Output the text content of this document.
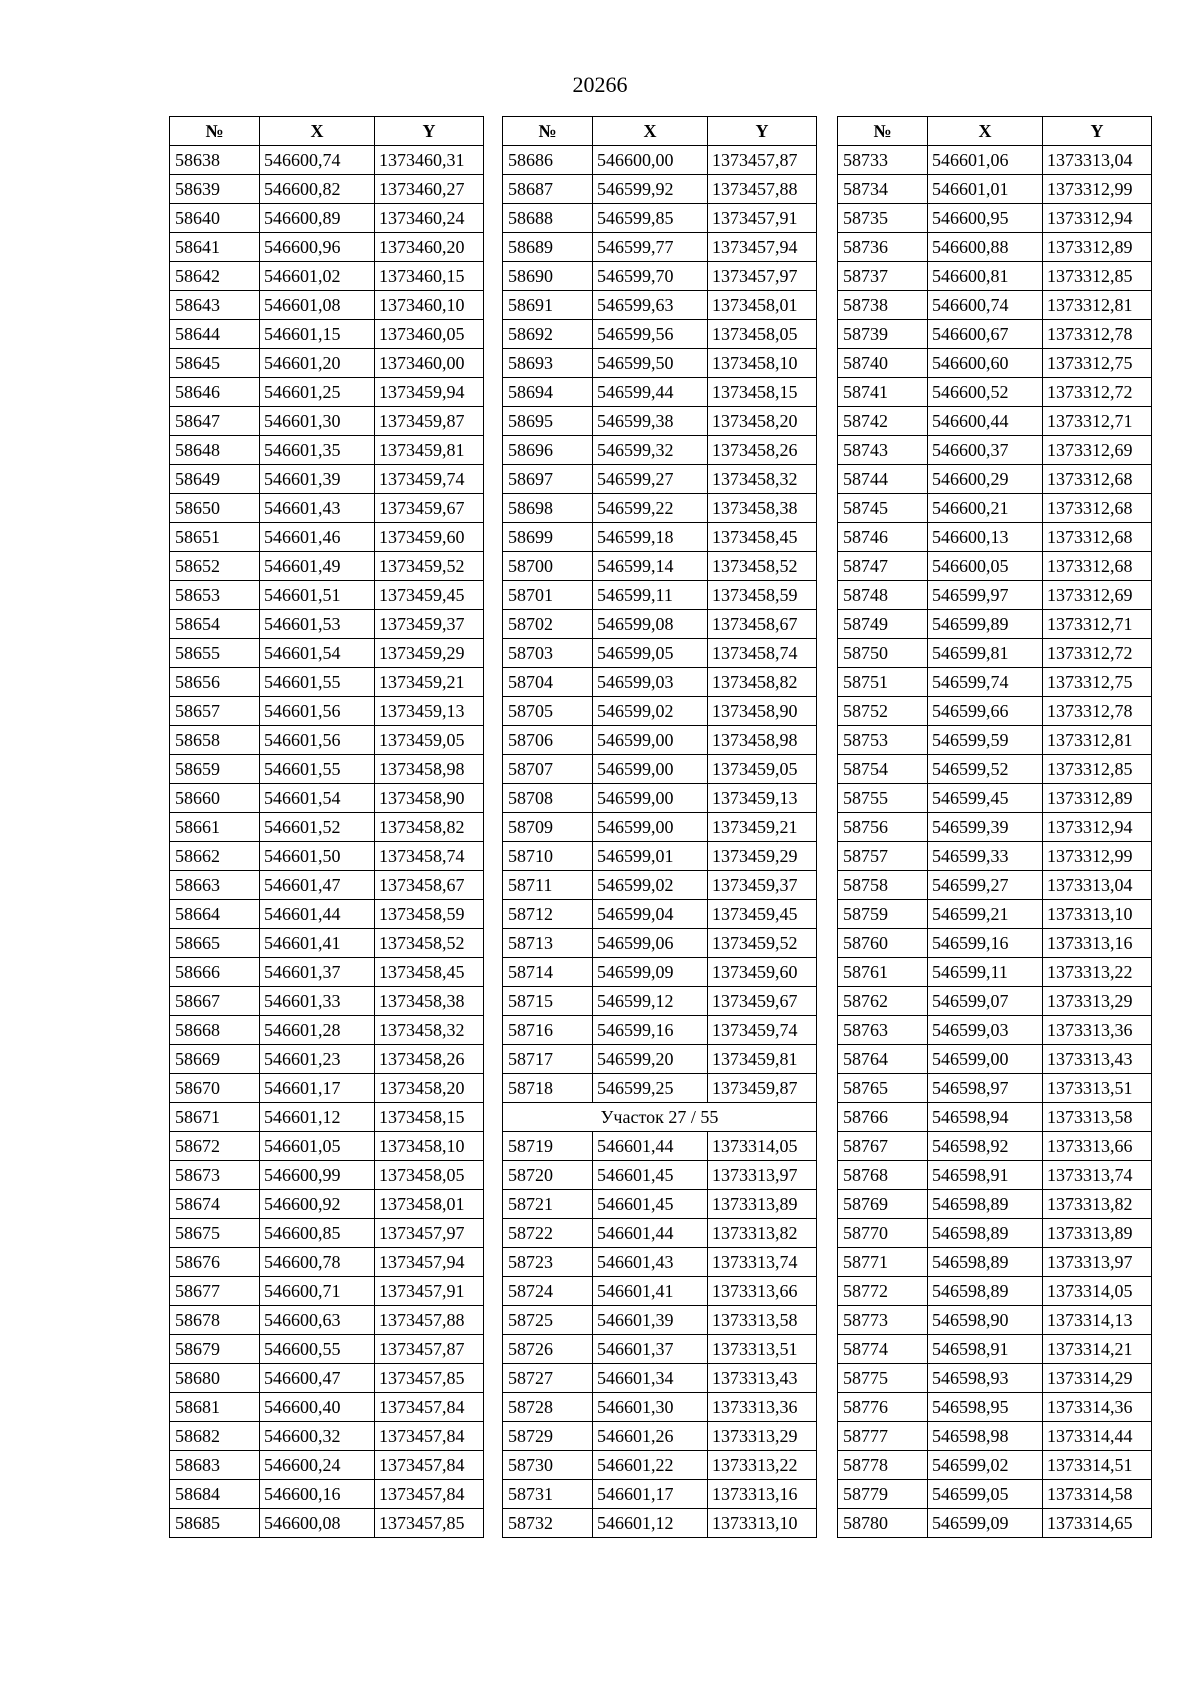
20266
№	X	Y
58638	546600,74	1373460,31
58639	546600,82	1373460,27
58640	546600,89	1373460,24
58641	546600,96	1373460,20
58642	546601,02	1373460,15
58643	546601,08	1373460,10
58644	546601,15	1373460,05
58645	546601,20	1373460,00
58646	546601,25	1373459,94
58647	546601,30	1373459,87
58648	546601,35	1373459,81
58649	546601,39	1373459,74
58650	546601,43	1373459,67
58651	546601,46	1373459,60
58652	546601,49	1373459,52
58653	546601,51	1373459,45
58654	546601,53	1373459,37
58655	546601,54	1373459,29
58656	546601,55	1373459,21
58657	546601,56	1373459,13
58658	546601,56	1373459,05
58659	546601,55	1373458,98
58660	546601,54	1373458,90
58661	546601,52	1373458,82
58662	546601,50	1373458,74
58663	546601,47	1373458,67
58664	546601,44	1373458,59
58665	546601,41	1373458,52
58666	546601,37	1373458,45
58667	546601,33	1373458,38
58668	546601,28	1373458,32
58669	546601,23	1373458,26
58670	546601,17	1373458,20
58671	546601,12	1373458,15
58672	546601,05	1373458,10
58673	546600,99	1373458,05
58674	546600,92	1373458,01
58675	546600,85	1373457,97
58676	546600,78	1373457,94
58677	546600,71	1373457,91
58678	546600,63	1373457,88
58679	546600,55	1373457,87
58680	546600,47	1373457,85
58681	546600,40	1373457,84
58682	546600,32	1373457,84
58683	546600,24	1373457,84
58684	546600,16	1373457,84
58685	546600,08	1373457,85
№	X	Y
58686	546600,00	1373457,87
58687	546599,92	1373457,88
58688	546599,85	1373457,91
58689	546599,77	1373457,94
58690	546599,70	1373457,97
58691	546599,63	1373458,01
58692	546599,56	1373458,05
58693	546599,50	1373458,10
58694	546599,44	1373458,15
58695	546599,38	1373458,20
58696	546599,32	1373458,26
58697	546599,27	1373458,32
58698	546599,22	1373458,38
58699	546599,18	1373458,45
58700	546599,14	1373458,52
58701	546599,11	1373458,59
58702	546599,08	1373458,67
58703	546599,05	1373458,74
58704	546599,03	1373458,82
58705	546599,02	1373458,90
58706	546599,00	1373458,98
58707	546599,00	1373459,05
58708	546599,00	1373459,13
58709	546599,00	1373459,21
58710	546599,01	1373459,29
58711	546599,02	1373459,37
58712	546599,04	1373459,45
58713	546599,06	1373459,52
58714	546599,09	1373459,60
58715	546599,12	1373459,67
58716	546599,16	1373459,74
58717	546599,20	1373459,81
58718	546599,25	1373459,87
Участок 27 / 55		
58719	546601,44	1373314,05
58720	546601,45	1373313,97
58721	546601,45	1373313,89
58722	546601,44	1373313,82
58723	546601,43	1373313,74
58724	546601,41	1373313,66
58725	546601,39	1373313,58
58726	546601,37	1373313,51
58727	546601,34	1373313,43
58728	546601,30	1373313,36
58729	546601,26	1373313,29
58730	546601,22	1373313,22
58731	546601,17	1373313,16
58732	546601,12	1373313,10
№	X	Y
58733	546601,06	1373313,04
58734	546601,01	1373312,99
58735	546600,95	1373312,94
58736	546600,88	1373312,89
58737	546600,81	1373312,85
58738	546600,74	1373312,81
58739	546600,67	1373312,78
58740	546600,60	1373312,75
58741	546600,52	1373312,72
58742	546600,44	1373312,71
58743	546600,37	1373312,69
58744	546600,29	1373312,68
58745	546600,21	1373312,68
58746	546600,13	1373312,68
58747	546600,05	1373312,68
58748	546599,97	1373312,69
58749	546599,89	1373312,71
58750	546599,81	1373312,72
58751	546599,74	1373312,75
58752	546599,66	1373312,78
58753	546599,59	1373312,81
58754	546599,52	1373312,85
58755	546599,45	1373312,89
58756	546599,39	1373312,94
58757	546599,33	1373312,99
58758	546599,27	1373313,04
58759	546599,21	1373313,10
58760	546599,16	1373313,16
58761	546599,11	1373313,22
58762	546599,07	1373313,29
58763	546599,03	1373313,36
58764	546599,00	1373313,43
58765	546598,97	1373313,51
58766	546598,94	1373313,58
58767	546598,92	1373313,66
58768	546598,91	1373313,74
58769	546598,89	1373313,82
58770	546598,89	1373313,89
58771	546598,89	1373313,97
58772	546598,89	1373314,05
58773	546598,90	1373314,13
58774	546598,91	1373314,21
58775	546598,93	1373314,29
58776	546598,95	1373314,36
58777	546598,98	1373314,44
58778	546599,02	1373314,51
58779	546599,05	1373314,58
58780	546599,09	1373314,65
